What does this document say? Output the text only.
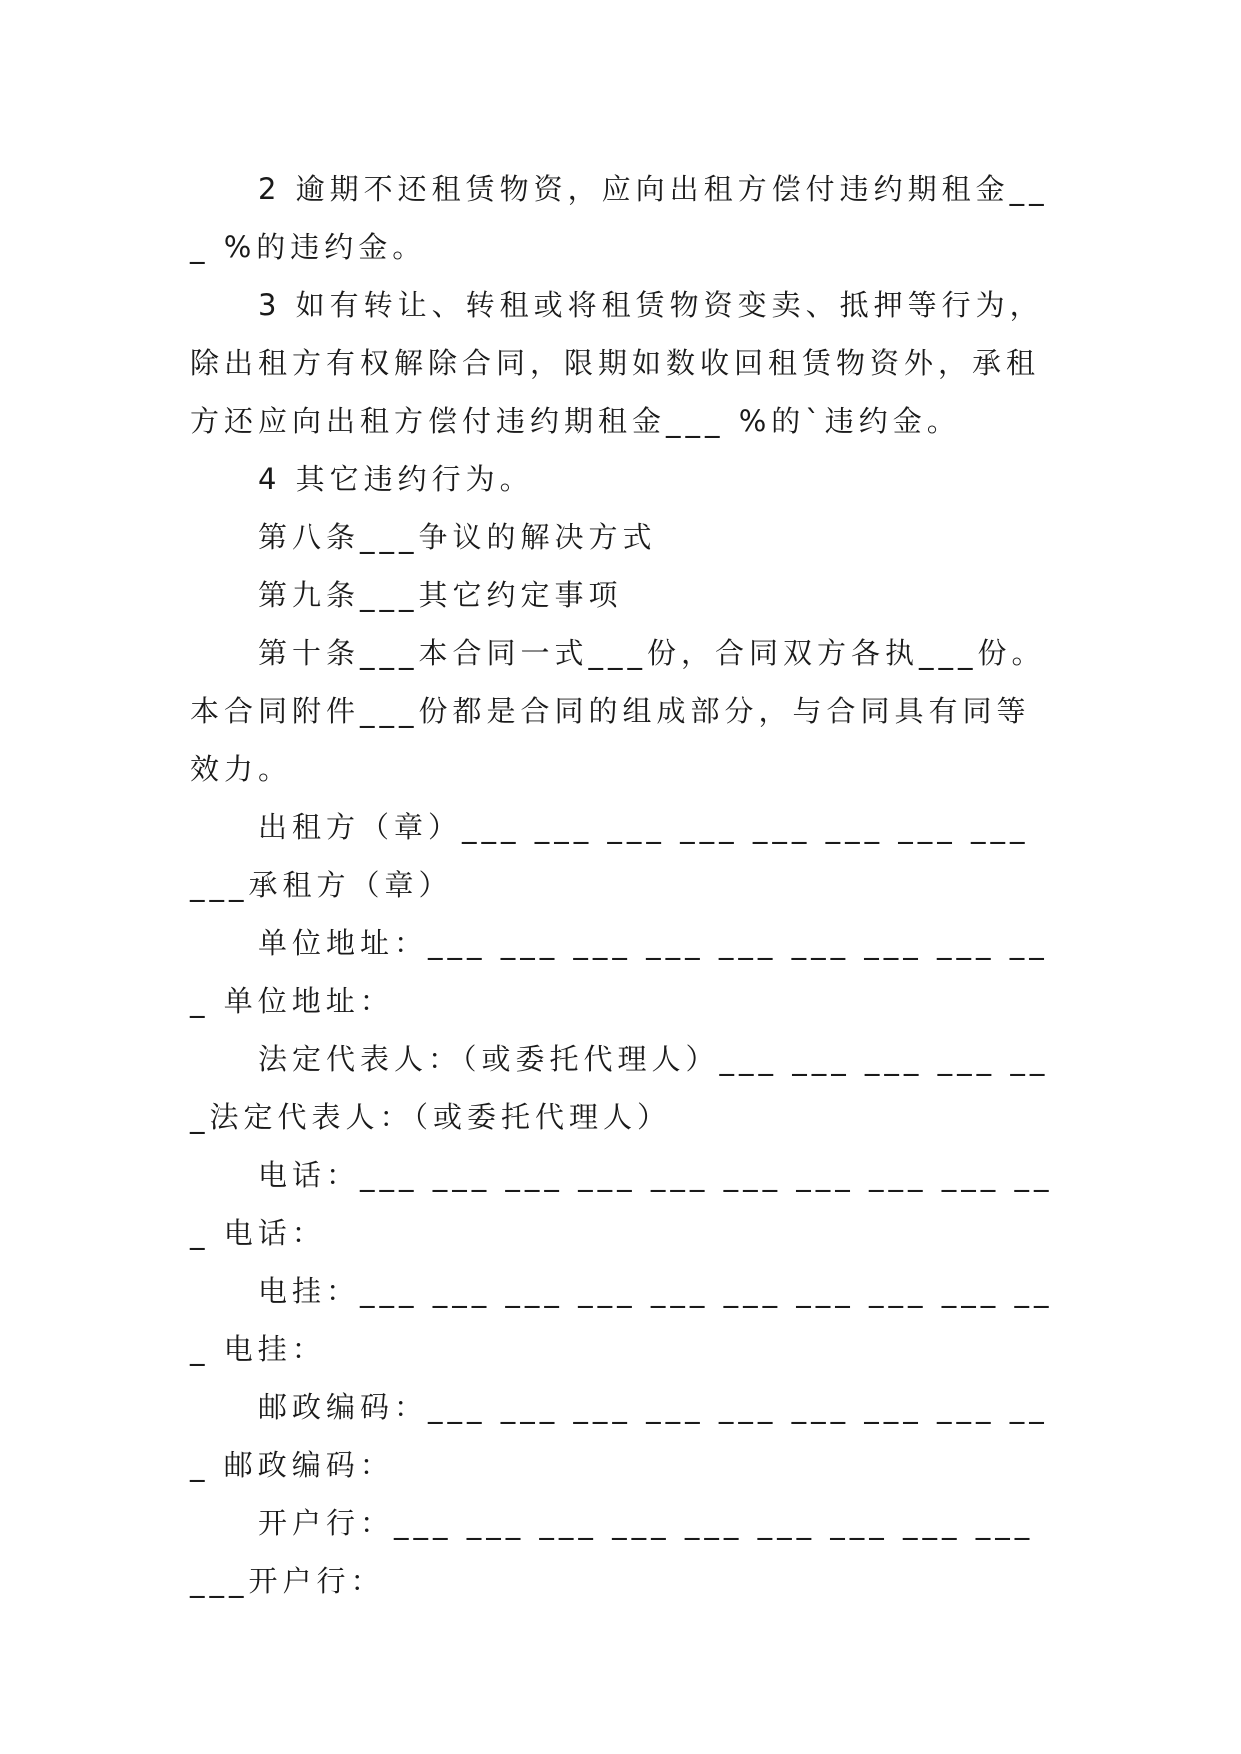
2 逾期不还租赁物资，应向出租方偿付违约期租金___ %的违约金。

3 如有转让、转租或将租赁物资变卖、抵押等行为，除出租方有权解除合同，限期如数收回租赁物资外，承租方还应向出租方偿付违约期租金___ %的`违约金。

4 其它违约行为。

第八条___争议的解决方式

第九条___其它约定事项

第十条___本合同一式___份，合同双方各执___份。本合同附件___份都是合同的组成部分，与合同具有同等效力。

出租方（章）___ ___ ___ ___ ___ ___ ___ ___ ___承租方（章）

单位地址：___ ___ ___ ___ ___ ___ ___ ___ ___ 单位地址：

法定代表人：（或委托代理人）___ ___ ___ ___ ___法定代表人：（或委托代理人）

电话：___ ___ ___ ___ ___ ___ ___ ___ ___ ___ 电话：

电挂：___ ___ ___ ___ ___ ___ ___ ___ ___ ___ 电挂：

邮政编码：___ ___ ___ ___ ___ ___ ___ ___ ___ 邮政编码：

开户行：___ ___ ___ ___ ___ ___ ___ ___ ___ ___开户行：
